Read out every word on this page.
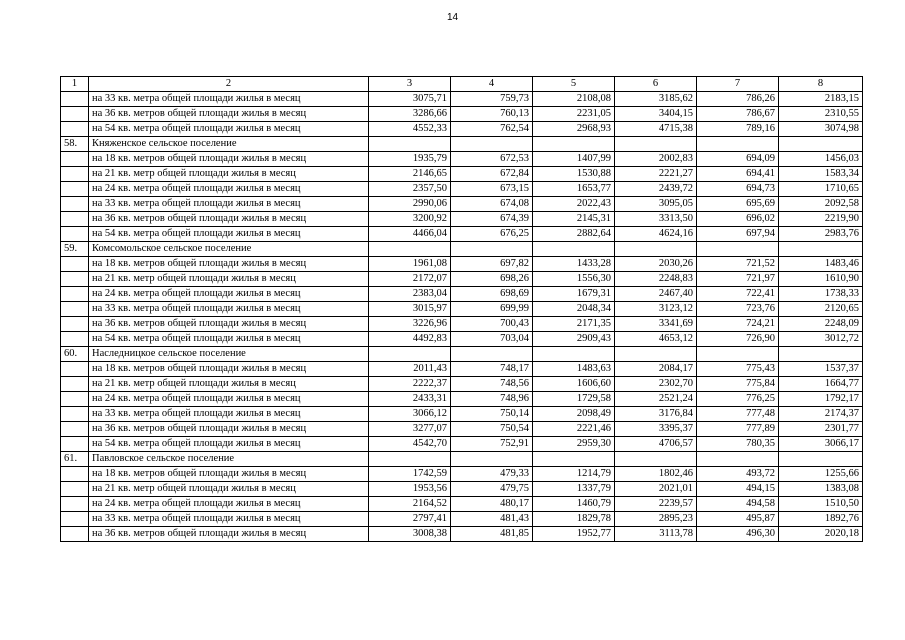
14
1	2	3	4	5	6	7	8
	на 33 кв. метра общей площади жилья в месяц	3075,71	759,73	2108,08	3185,62	786,26	2183,15
	на 36 кв. метров общей площади жилья в месяц	3286,66	760,13	2231,05	3404,15	786,67	2310,55
	на 54 кв. метра общей площади жилья в месяц	4552,33	762,54	2968,93	4715,38	789,16	3074,98
58.	Княженское сельское поселение						
	на 18 кв. метров общей площади жилья в месяц	1935,79	672,53	1407,99	2002,83	694,09	1456,03
	на 21 кв. метр общей площади жилья в месяц	2146,65	672,84	1530,88	2221,27	694,41	1583,34
	на 24 кв. метра общей площади жилья в месяц	2357,50	673,15	1653,77	2439,72	694,73	1710,65
	на 33 кв. метра общей площади жилья в месяц	2990,06	674,08	2022,43	3095,05	695,69	2092,58
	на 36 кв. метров общей площади жилья в месяц	3200,92	674,39	2145,31	3313,50	696,02	2219,90
	на 54 кв. метра общей площади жилья в месяц	4466,04	676,25	2882,64	4624,16	697,94	2983,76
59.	Комсомольское сельское поселение						
	на 18 кв. метров общей площади жилья в месяц	1961,08	697,82	1433,28	2030,26	721,52	1483,46
	на 21 кв. метр общей площади жилья в месяц	2172,07	698,26	1556,30	2248,83	721,97	1610,90
	на 24 кв. метра общей площади жилья в месяц	2383,04	698,69	1679,31	2467,40	722,41	1738,33
	на 33 кв. метра общей площади жилья в месяц	3015,97	699,99	2048,34	3123,12	723,76	2120,65
	на 36 кв. метров общей площади жилья в месяц	3226,96	700,43	2171,35	3341,69	724,21	2248,09
	на 54 кв. метра общей площади жилья в месяц	4492,83	703,04	2909,43	4653,12	726,90	3012,72
60.	Наследницкое сельское поселение						
	на 18 кв. метров общей площади жилья в месяц	2011,43	748,17	1483,63	2084,17	775,43	1537,37
	на 21 кв. метр общей площади жилья в месяц	2222,37	748,56	1606,60	2302,70	775,84	1664,77
	на 24 кв. метра общей площади жилья в месяц	2433,31	748,96	1729,58	2521,24	776,25	1792,17
	на 33 кв. метра общей площади жилья в месяц	3066,12	750,14	2098,49	3176,84	777,48	2174,37
	на 36 кв. метров общей площади жилья в месяц	3277,07	750,54	2221,46	3395,37	777,89	2301,77
	на 54 кв. метра общей площади жилья в месяц	4542,70	752,91	2959,30	4706,57	780,35	3066,17
61.	Павловское сельское поселение						
	на 18 кв. метров общей площади жилья в месяц	1742,59	479,33	1214,79	1802,46	493,72	1255,66
	на 21 кв. метр общей площади жилья в месяц	1953,56	479,75	1337,79	2021,01	494,15	1383,08
	на 24 кв. метра общей площади жилья в месяц	2164,52	480,17	1460,79	2239,57	494,58	1510,50
	на 33 кв. метра общей площади жилья в месяц	2797,41	481,43	1829,78	2895,23	495,87	1892,76
	на 36 кв. метров общей площади жилья в месяц	3008,38	481,85	1952,77	3113,78	496,30	2020,18
